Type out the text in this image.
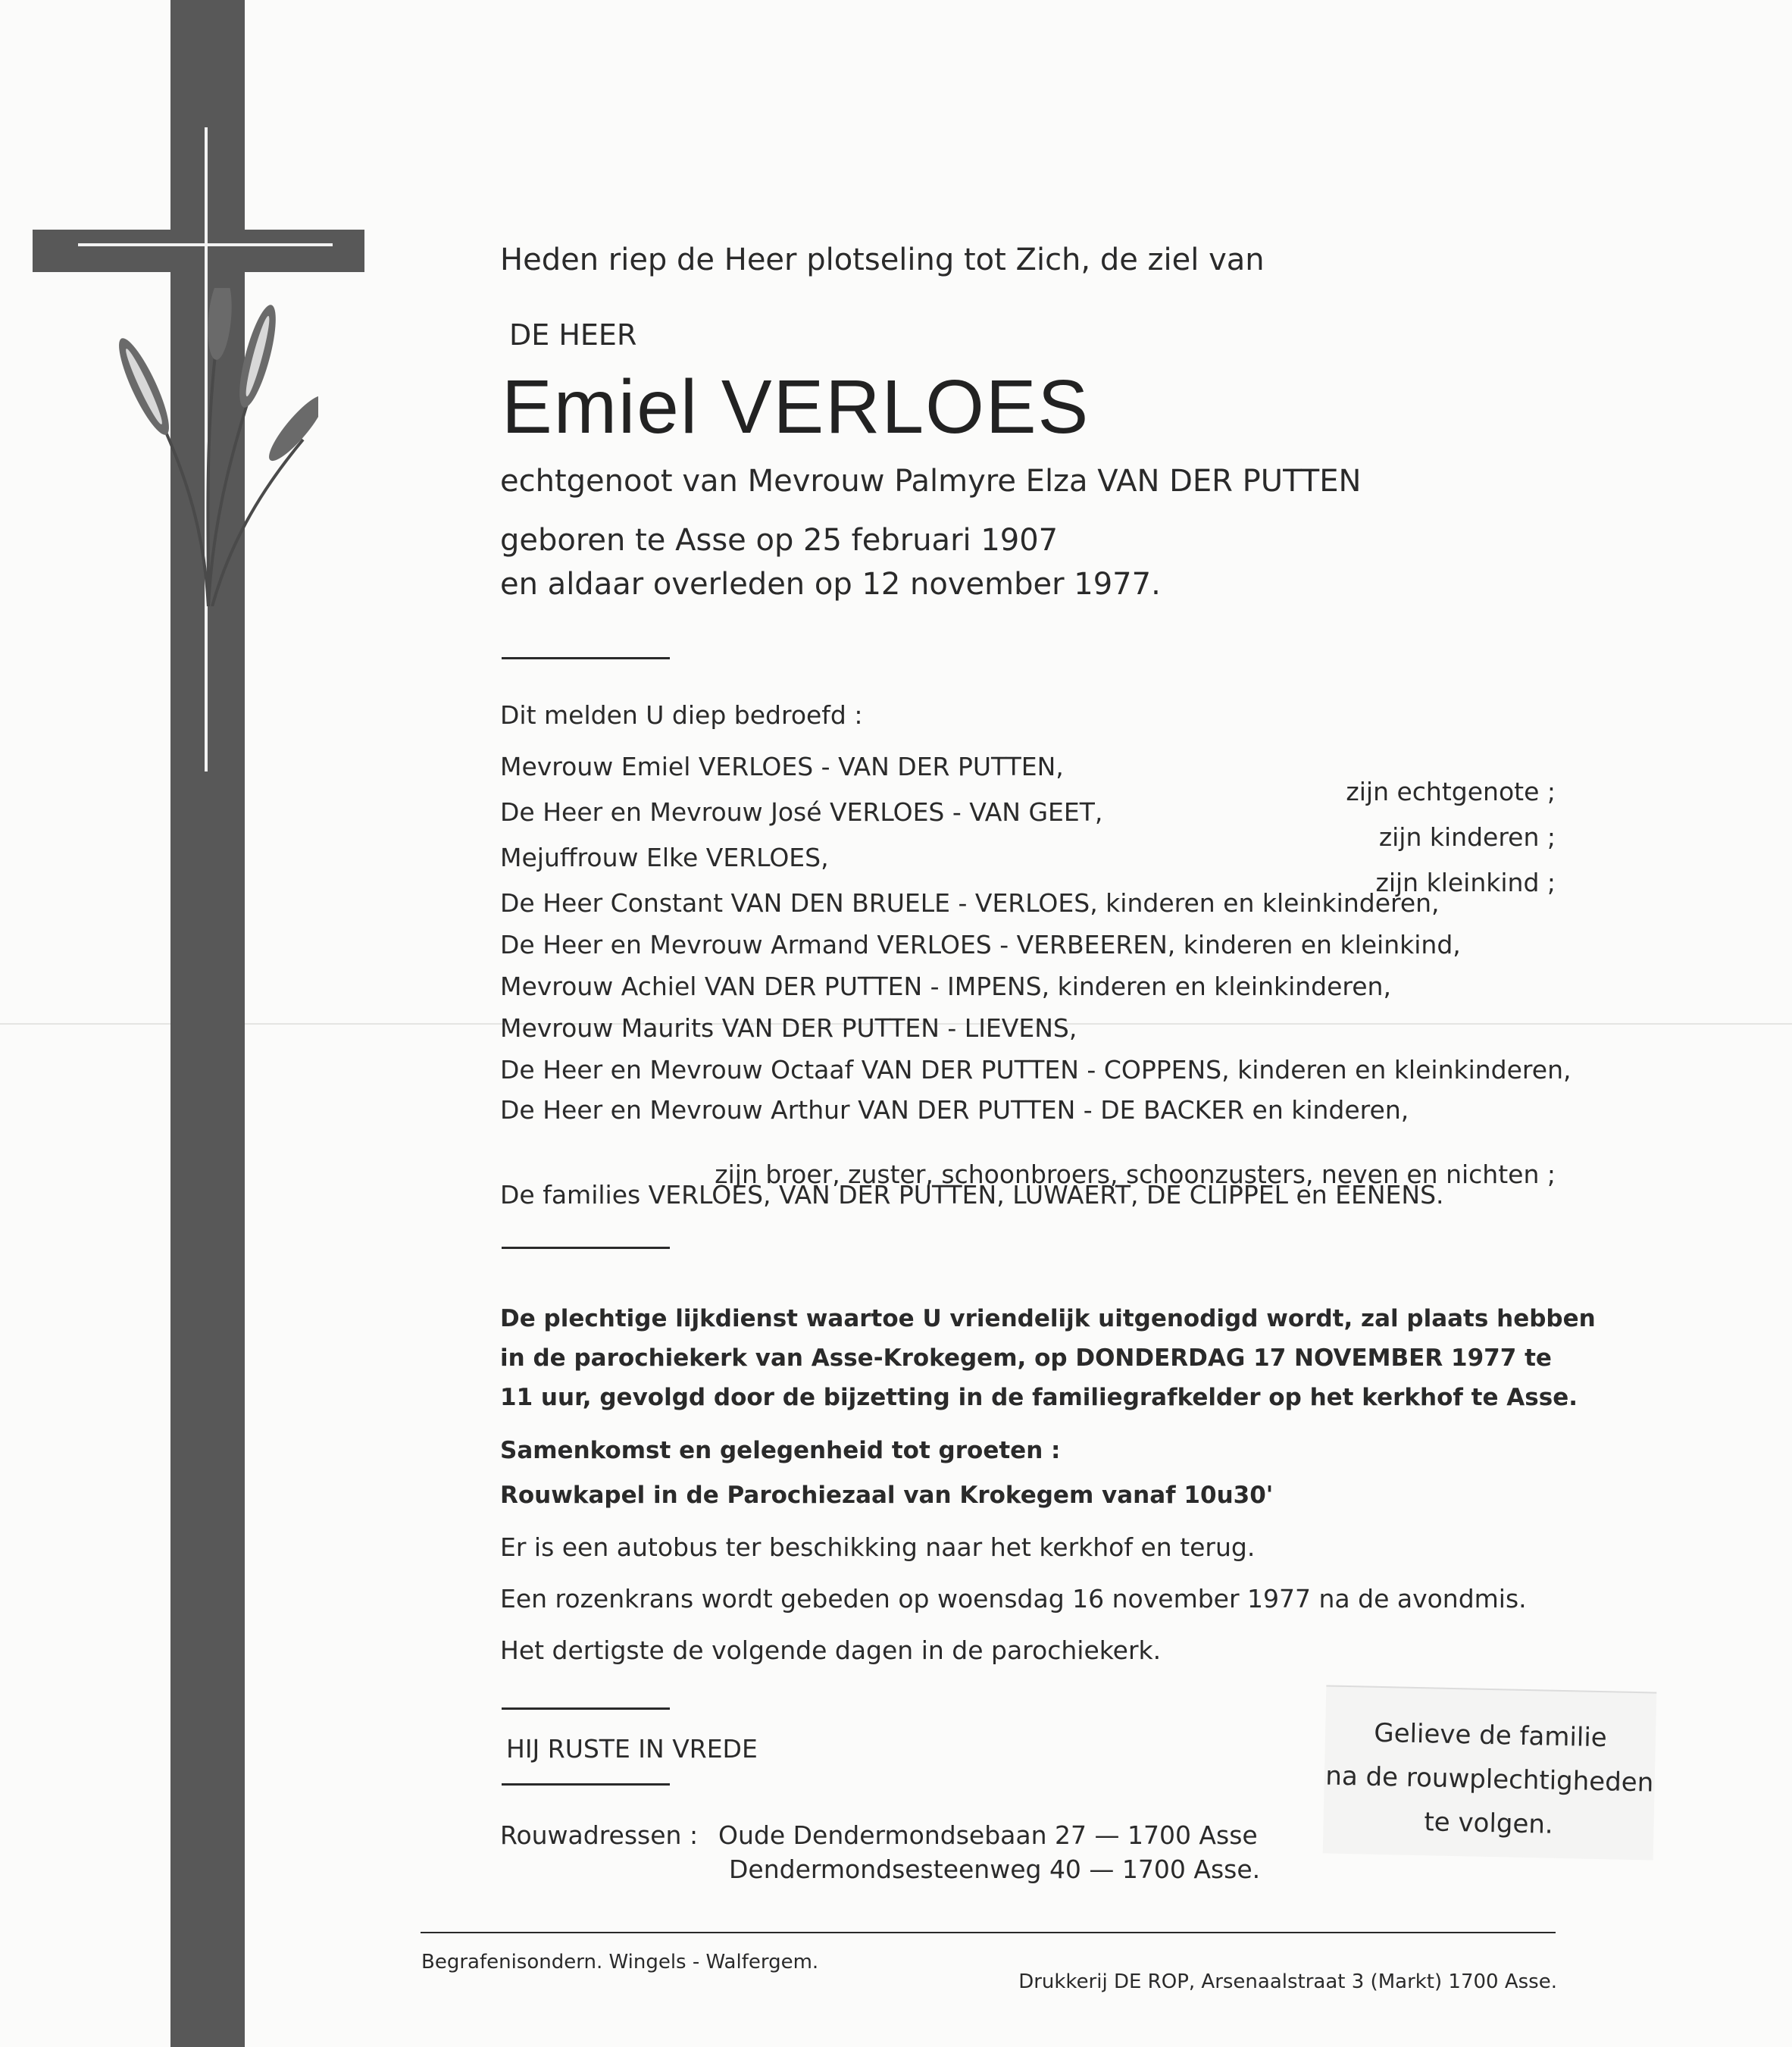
Heden riep de Heer plotseling tot Zich, de ziel van

DE HEER

Emiel VERLOES

echtgenoot van Mevrouw Palmyre Elza VAN DER PUTTEN

geboren te Asse op 25 februari 1907

en aldaar overleden op 12 november 1977.

Dit melden U diep bedroefd :

Mevrouw Emiel VERLOES - VAN DER PUTTEN,

zijn echtgenote ;

De Heer en Mevrouw José VERLOES - VAN GEET,

zijn kinderen ;

Mejuffrouw Elke VERLOES,

zijn kleinkind ;

De Heer Constant VAN DEN BRUELE - VERLOES, kinderen en kleinkinderen,

De Heer en Mevrouw Armand VERLOES - VERBEEREN, kinderen en kleinkind,

Mevrouw Achiel VAN DER PUTTEN - IMPENS, kinderen en kleinkinderen,

Mevrouw Maurits VAN DER PUTTEN - LIEVENS,

De Heer en Mevrouw Octaaf VAN DER PUTTEN - COPPENS, kinderen en kleinkinderen,

De Heer en Mevrouw Arthur VAN DER PUTTEN - DE BACKER en kinderen,

zijn broer, zuster, schoonbroers, schoonzusters, neven en nichten ;

De families VERLOES, VAN DER PUTTEN, LUWAERT, DE CLIPPEL en EENENS.

De plechtige lijkdienst waartoe U vriendelijk uitgenodigd wordt, zal plaats hebben

in de parochiekerk van Asse-Krokegem, op DONDERDAG 17 NOVEMBER 1977 te

11 uur, gevolgd door de bijzetting in de familiegrafkelder op het kerkhof te Asse.

Samenkomst en gelegenheid tot groeten :

Rouwkapel in de Parochiezaal van Krokegem vanaf 10u30'

Er is een autobus ter beschikking naar het kerkhof en terug.

Een rozenkrans wordt gebeden op woensdag 16 november 1977 na de avondmis.

Het dertigste de volgende dagen in de parochiekerk.

HIJ RUSTE IN VREDE

Rouwadressen : Oude Dendermondsebaan 27 — 1700 Asse

Dendermondsesteenweg 40 — 1700 Asse.

Gelieve de familie
na de rouwplechtigheden
te volgen.

Begrafenisondern. Wingels - Walfergem.

Drukkerij DE ROP, Arsenaalstraat 3 (Markt) 1700 Asse.
